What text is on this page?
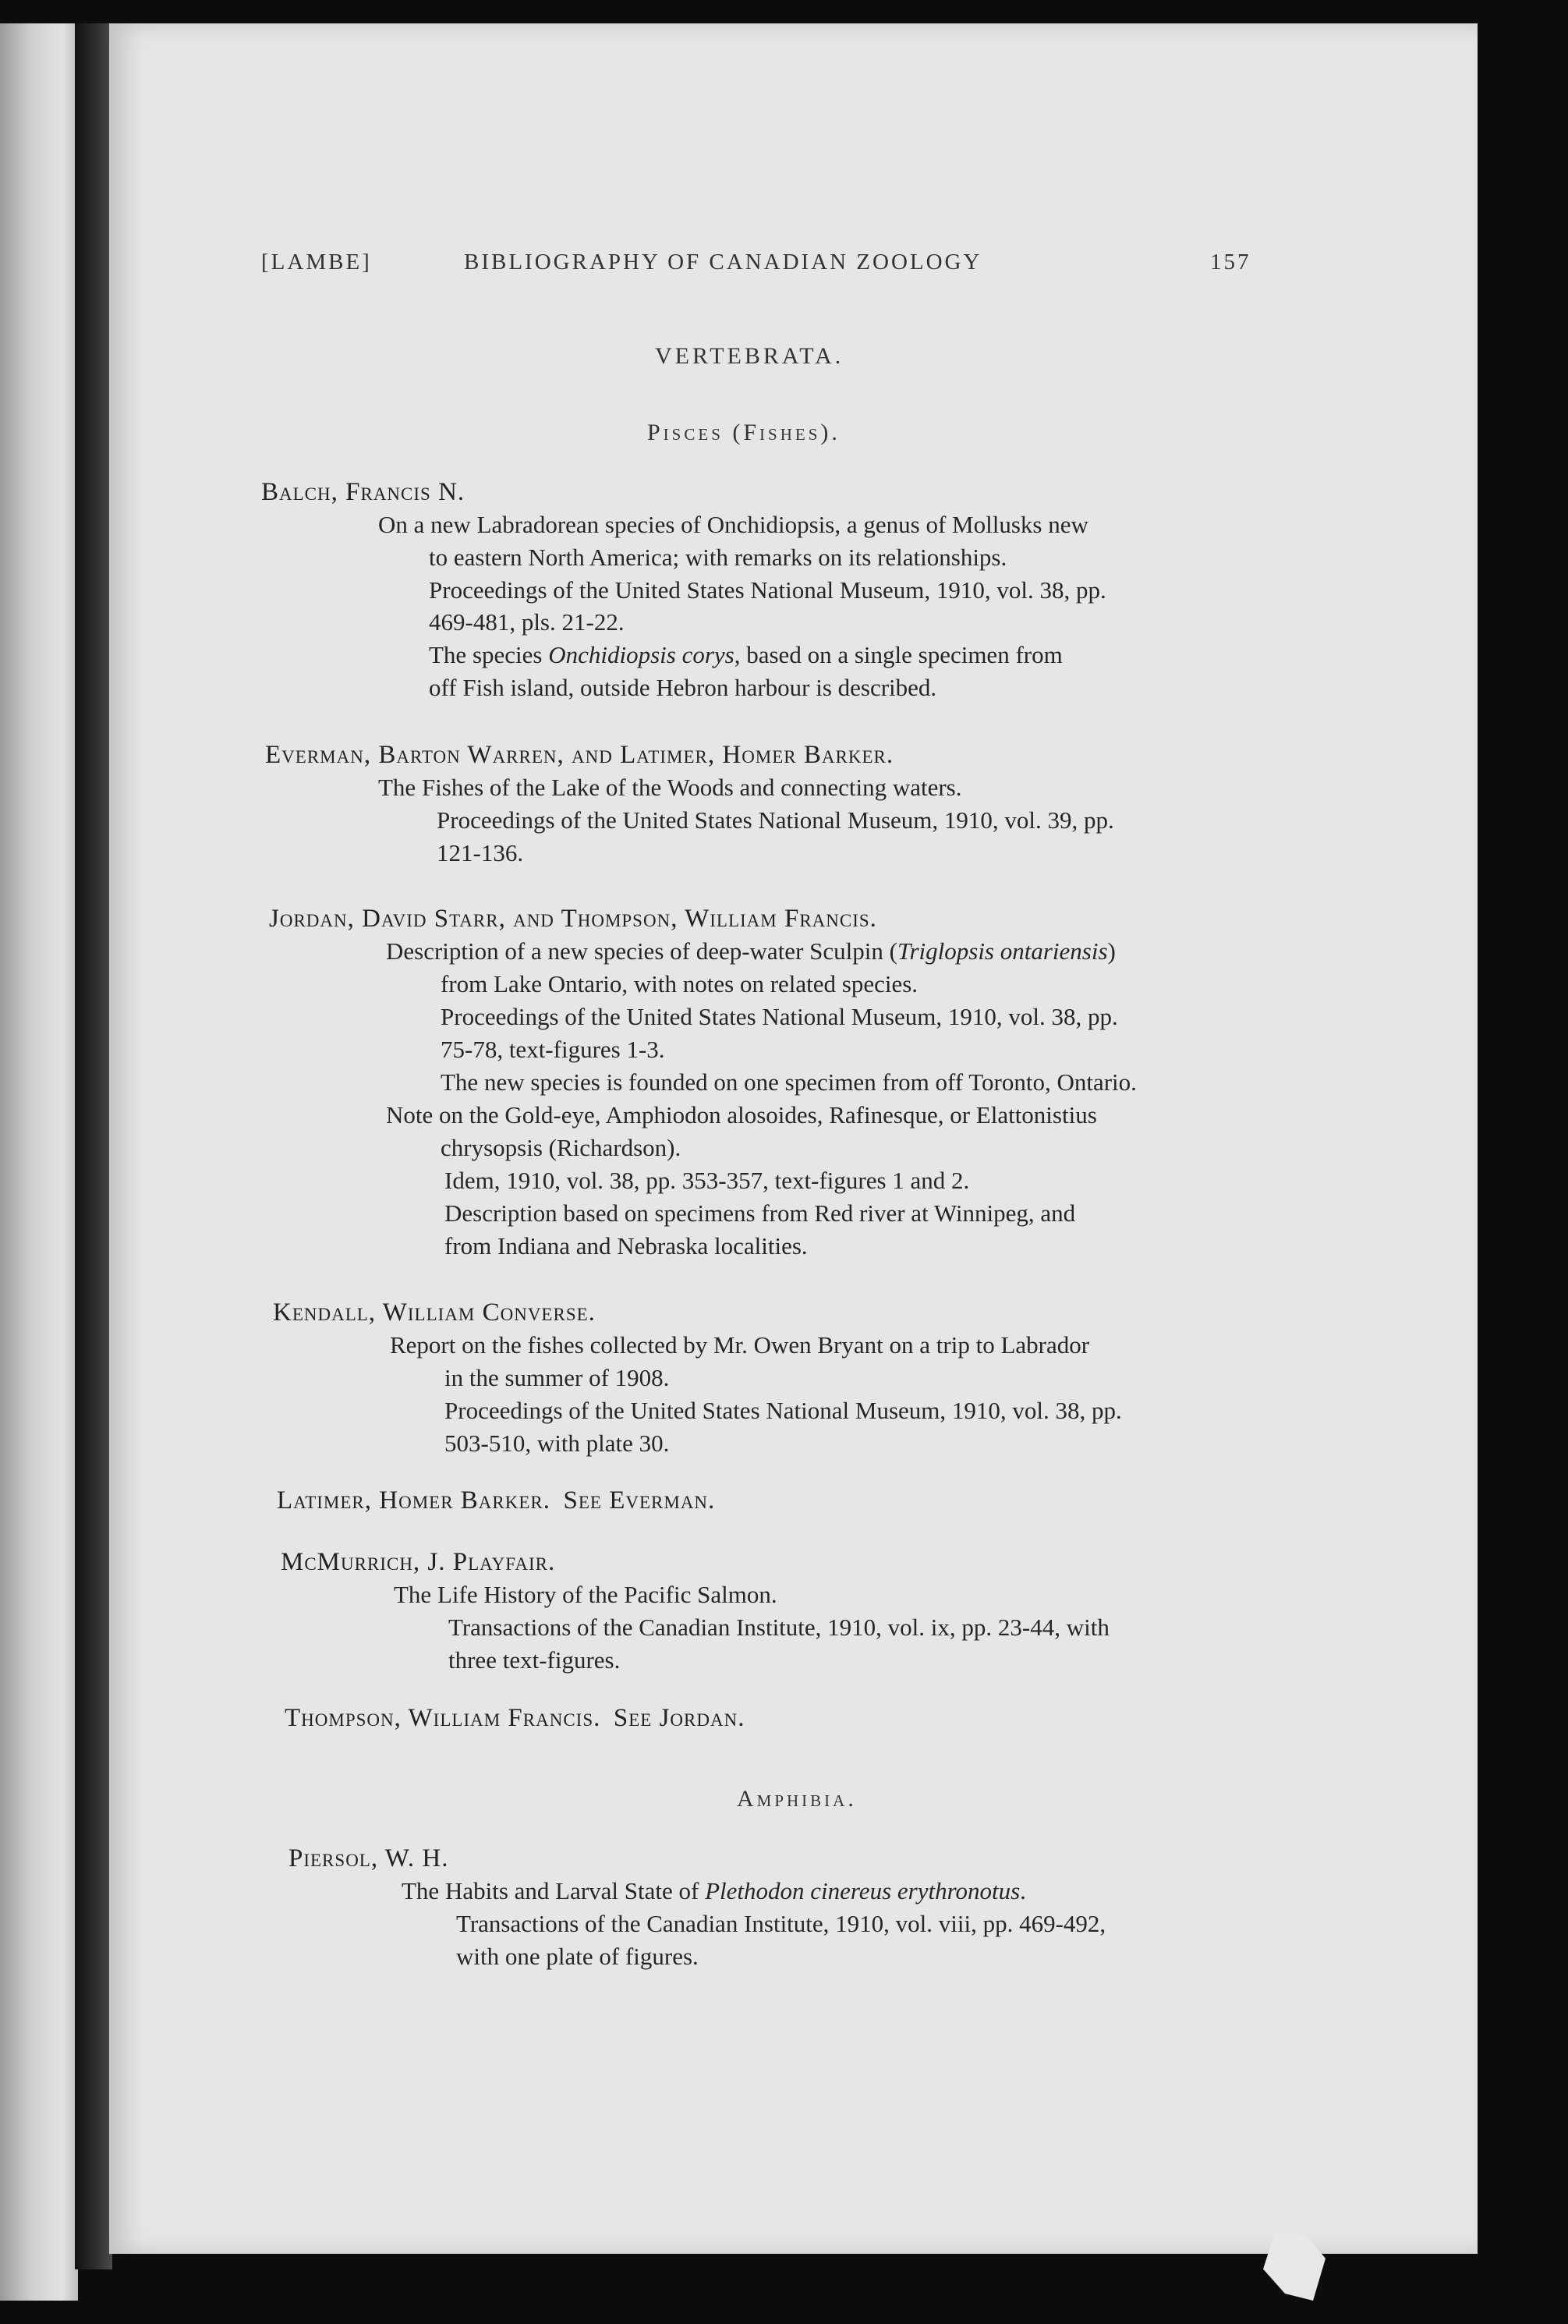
[LAMBE]	BIBLIOGRAPHY OF CANADIAN ZOOLOGY	157
VERTEBRATA.
Pisces (Fishes).
Balch, Francis N.
On a new Labradorean species of Onchidiopsis, a genus of Mollusks new
to eastern North America; with remarks on its relationships.
Proceedings of the United States National Museum, 1910, vol. 38, pp.
469-481, pls. 21-22.
The species Onchidiopsis corys, based on a single specimen from
off Fish island, outside Hebron harbour is described.
Everman, Barton Warren, and Latimer, Homer Barker.
The Fishes of the Lake of the Woods and connecting waters.
Proceedings of the United States National Museum, 1910, vol. 39, pp.
121-136.
Jordan, David Starr, and Thompson, William Francis.
Description of a new species of deep-water Sculpin (Triglopsis ontariensis)
from Lake Ontario, with notes on related species.
Proceedings of the United States National Museum, 1910, vol. 38, pp.
75-78, text-figures 1-3.
The new species is founded on one specimen from off Toronto, Ontario.
Note on the Gold-eye, Amphiodon alosoides, Rafinesque, or Elattonistius
chrysopsis (Richardson).
Idem, 1910, vol. 38, pp. 353-357, text-figures 1 and 2.
Description based on specimens from Red river at Winnipeg, and
from Indiana and Nebraska localities.
Kendall, William Converse.
Report on the fishes collected by Mr. Owen Bryant on a trip to Labrador
in the summer of 1908.
Proceedings of the United States National Museum, 1910, vol. 38, pp.
503-510, with plate 30.
Latimer, Homer Barker. See Everman.
McMurrich, J. Playfair.
The Life History of the Pacific Salmon.
Transactions of the Canadian Institute, 1910, vol. ix, pp. 23-44, with
three text-figures.
Thompson, William Francis. See Jordan.
Amphibia.
Piersol, W. H.
The Habits and Larval State of Plethodon cinereus erythronotus.
Transactions of the Canadian Institute, 1910, vol. viii, pp. 469-492,
with one plate of figures.
